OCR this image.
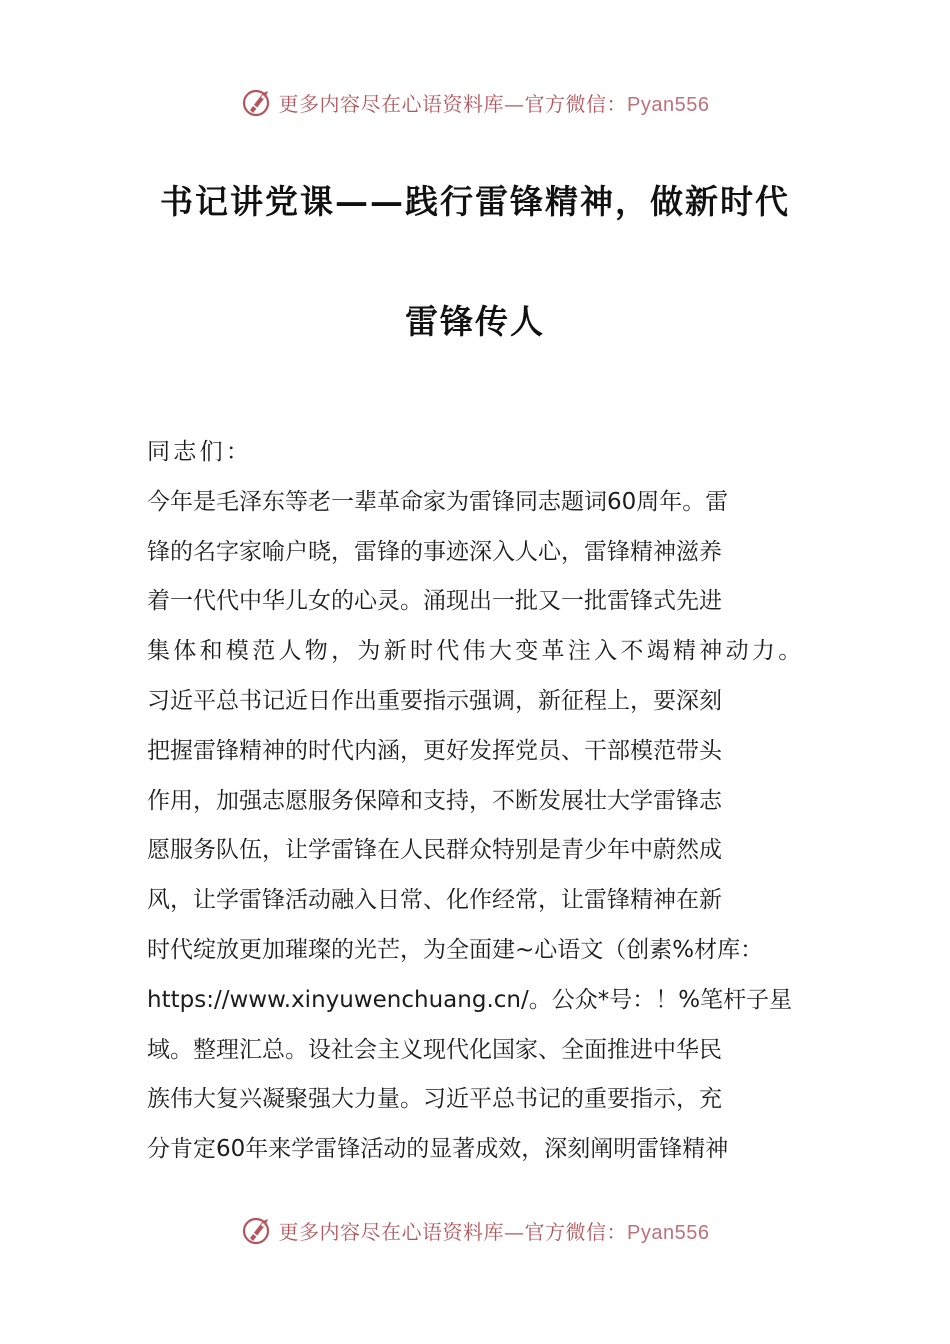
更多内容尽在心语资料库—官方微信：Pyan556
书记讲党课——践行雷锋精神，做新时代
雷锋传人
同志们：
今年是毛泽东等老一辈革命家为雷锋同志题词60周年。雷
锋的名字家喻户晓，雷锋的事迹深入人心，雷锋精神滋养
着一代代中华儿女的心灵。涌现出一批又一批雷锋式先进
集体和模范人物，为新时代伟大变革注入不竭精神动力。
习近平总书记近日作出重要指示强调，新征程上，要深刻
把握雷锋精神的时代内涵，更好发挥党员、干部模范带头
作用，加强志愿服务保障和支持，不断发展壮大学雷锋志
愿服务队伍，让学雷锋在人民群众特别是青少年中蔚然成
风，让学雷锋活动融入日常、化作经常，让雷锋精神在新
时代绽放更加璀璨的光芒，为全面建~心语文（创素%材库：
https://www.xinyuwenchuang.cn/。公众*号：！%笔杆子星
域。整理汇总。设社会主义现代化国家、全面推进中华民
族伟大复兴凝聚强大力量。习近平总书记的重要指示，充
分肯定60年来学雷锋活动的显著成效，深刻阐明雷锋精神
更多内容尽在心语资料库—官方微信：Pyan556
